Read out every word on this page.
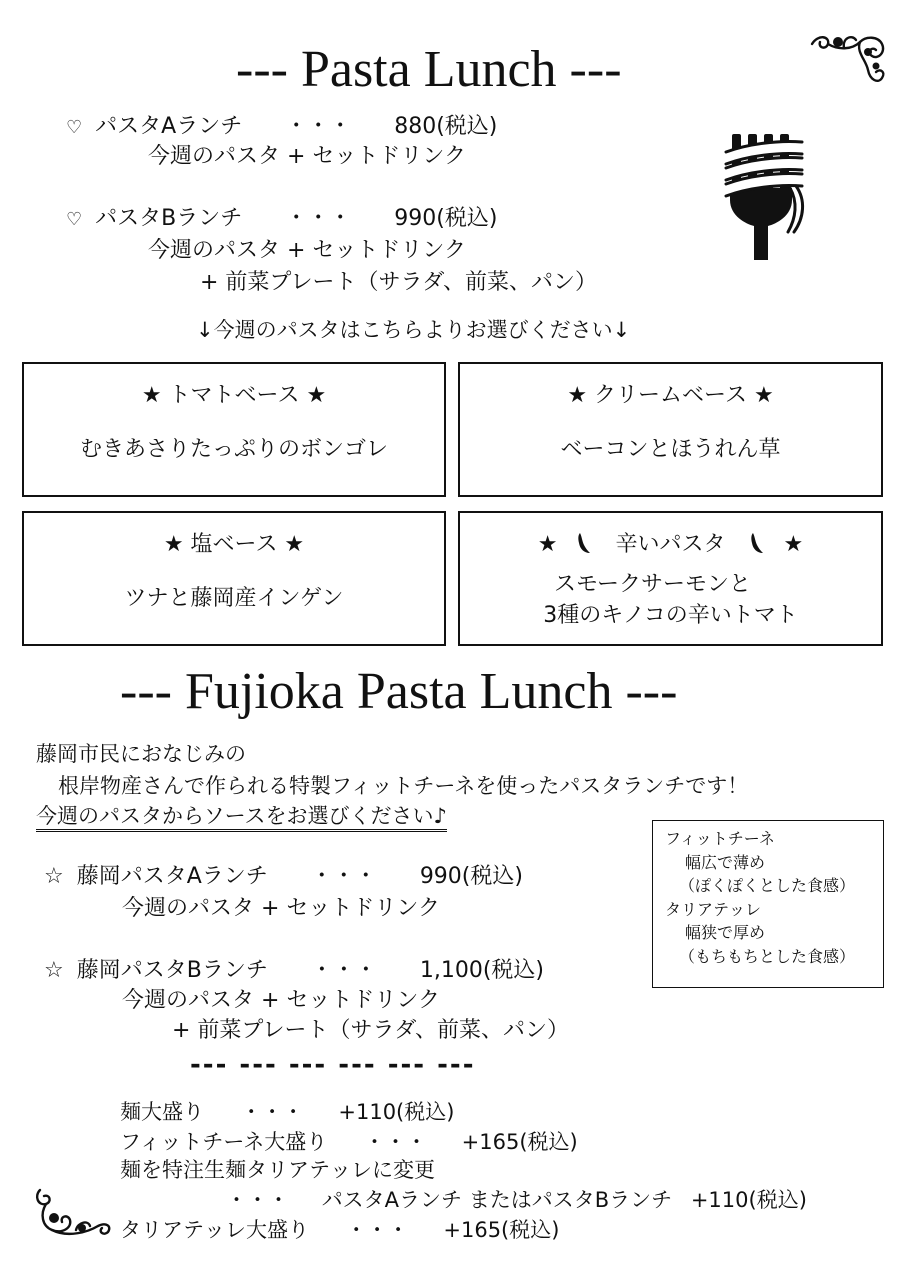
--- Pasta Lunch ---
♡ パスタAランチ ・・・ 880(税込)
今週のパスタ + セットドリンク
♡ パスタBランチ ・・・ 990(税込)
今週のパスタ + セットドリンク
+ 前菜プレート（サラダ、前菜、パン）
↓今週のパスタはこちらよりお選びください↓
★ トマトベース ★
むきあさりたっぷりのボンゴレ
★ クリームベース ★
ベーコンとほうれん草
★ 塩ベース ★
ツナと藤岡産インゲン
★	辛いパスタ	★
スモークサーモンと
3種のキノコの辛いトマト
--- Fujioka Pasta Lunch ---
藤岡市民におなじみの
根岸物産さんで作られる特製フィットチーネを使ったパスタランチです！
今週のパスタからソースをお選びください♪
フィットチーネ
幅広で薄め
（ぽくぽくとした食感）
タリアテッレ
幅狭で厚め
（もちもちとした食感）
☆ 藤岡パスタAランチ ・・・ 990(税込)
今週のパスタ + セットドリンク
☆ 藤岡パスタBランチ ・・・ 1,100(税込)
今週のパスタ + セットドリンク
+ 前菜プレート（サラダ、前菜、パン）
--- --- --- --- --- ---
麺大盛り ・・・ +110(税込)
フィットチーネ大盛り ・・・ +165(税込)
麺を特注生麺タリアテッレに変更
・・・ パスタAランチ またはパスタBランチ +110(税込)
タリアテッレ大盛り ・・・ +165(税込)
